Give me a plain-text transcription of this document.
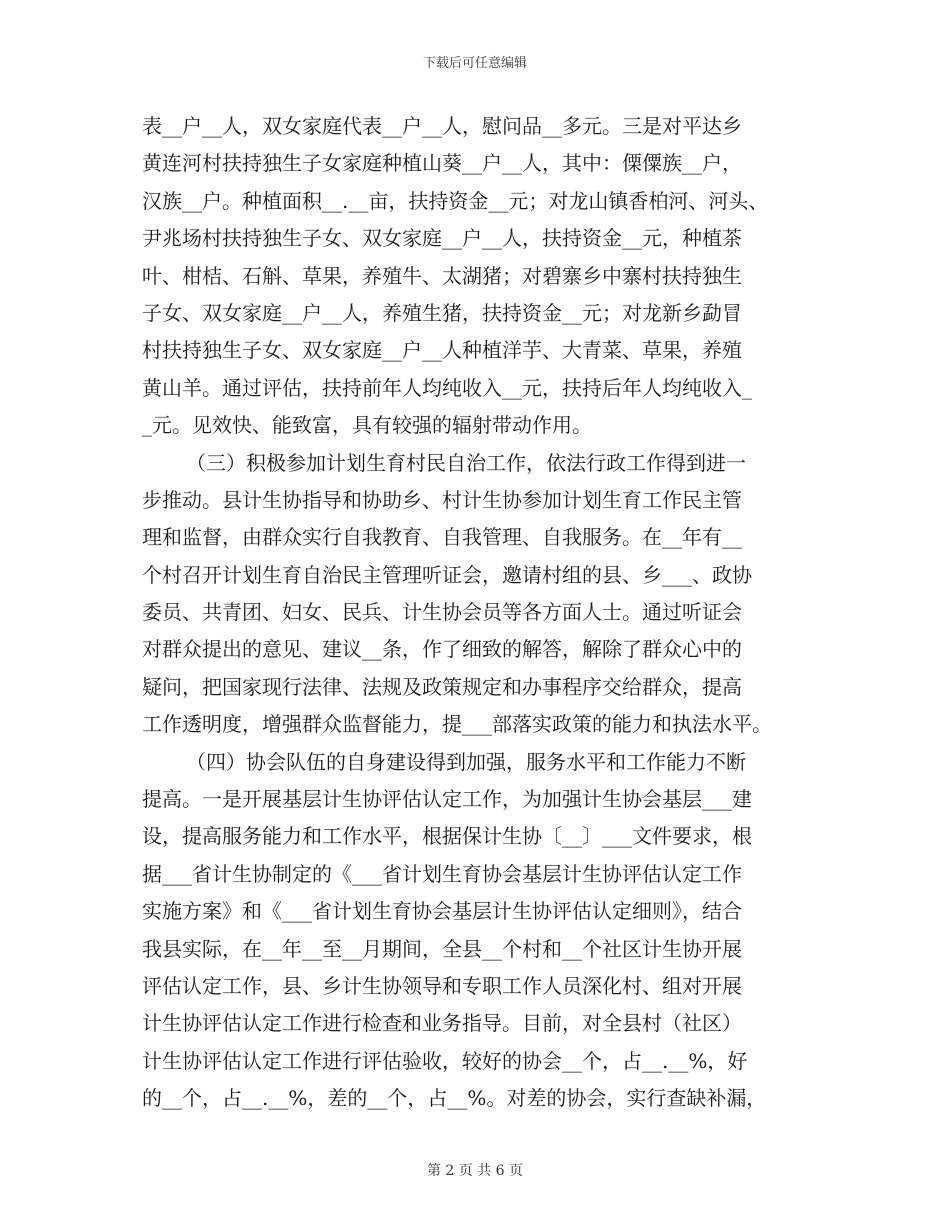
下载后可任意编辑
表__户__人，双女家庭代表__户__人，慰问品__多元。三是对平达乡
黄连河村扶持独生子女家庭种植山葵__户__人，其中：傈僳族__户，
汉族__户。种植面积__.__亩，扶持资金__元；对龙山镇香柏河、河头、
尹兆场村扶持独生子女、双女家庭__户__人，扶持资金__元，种植茶
叶、柑桔、石斛、草果，养殖牛、太湖猪；对碧寨乡中寨村扶持独生
子女、双女家庭__户__人，养殖生猪，扶持资金__元；对龙新乡勐冒
村扶持独生子女、双女家庭__户__人种植洋芋、大青菜、草果，养殖
黄山羊。通过评估，扶持前年人均纯收入__元，扶持后年人均纯收入_
_元。见效快、能致富，具有较强的辐射带动作用。
（三）积极参加计划生育村民自治工作，依法行政工作得到进一
步推动。县计生协指导和协助乡、村计生协参加计划生育工作民主管
理和监督，由群众实行自我教育、自我管理、自我服务。在__年有__
个村召开计划生育自治民主管理听证会，邀请村组的县、乡___、政协
委员、共青团、妇女、民兵、计生协会员等各方面人士。通过听证会
对群众提出的意见、建议__条，作了细致的解答，解除了群众心中的
疑问，把国家现行法律、法规及政策规定和办事程序交给群众，提高
工作透明度，增强群众监督能力，提___部落实政策的能力和执法水平。
（四）协会队伍的自身建设得到加强，服务水平和工作能力不断
提高。一是开展基层计生协评估认定工作，为加强计生协会基层___建
设，提高服务能力和工作水平，根据保计生协〔__〕___文件要求，根
据___省计生协制定的《___省计划生育协会基层计生协评估认定工作
实施方案》和《___省计划生育协会基层计生协评估认定细则》，结合
我县实际，在__年__至__月期间，全县__个村和__个社区计生协开展
评估认定工作，县、乡计生协领导和专职工作人员深化村、组对开展
计生协评估认定工作进行检查和业务指导。目前，对全县村（社区）
计生协评估认定工作进行评估验收，较好的协会__个，占__.__%，好
的__个，占__.__%，差的__个，占__%。对差的协会，实行查缺补漏，
第 2 页 共 6 页
